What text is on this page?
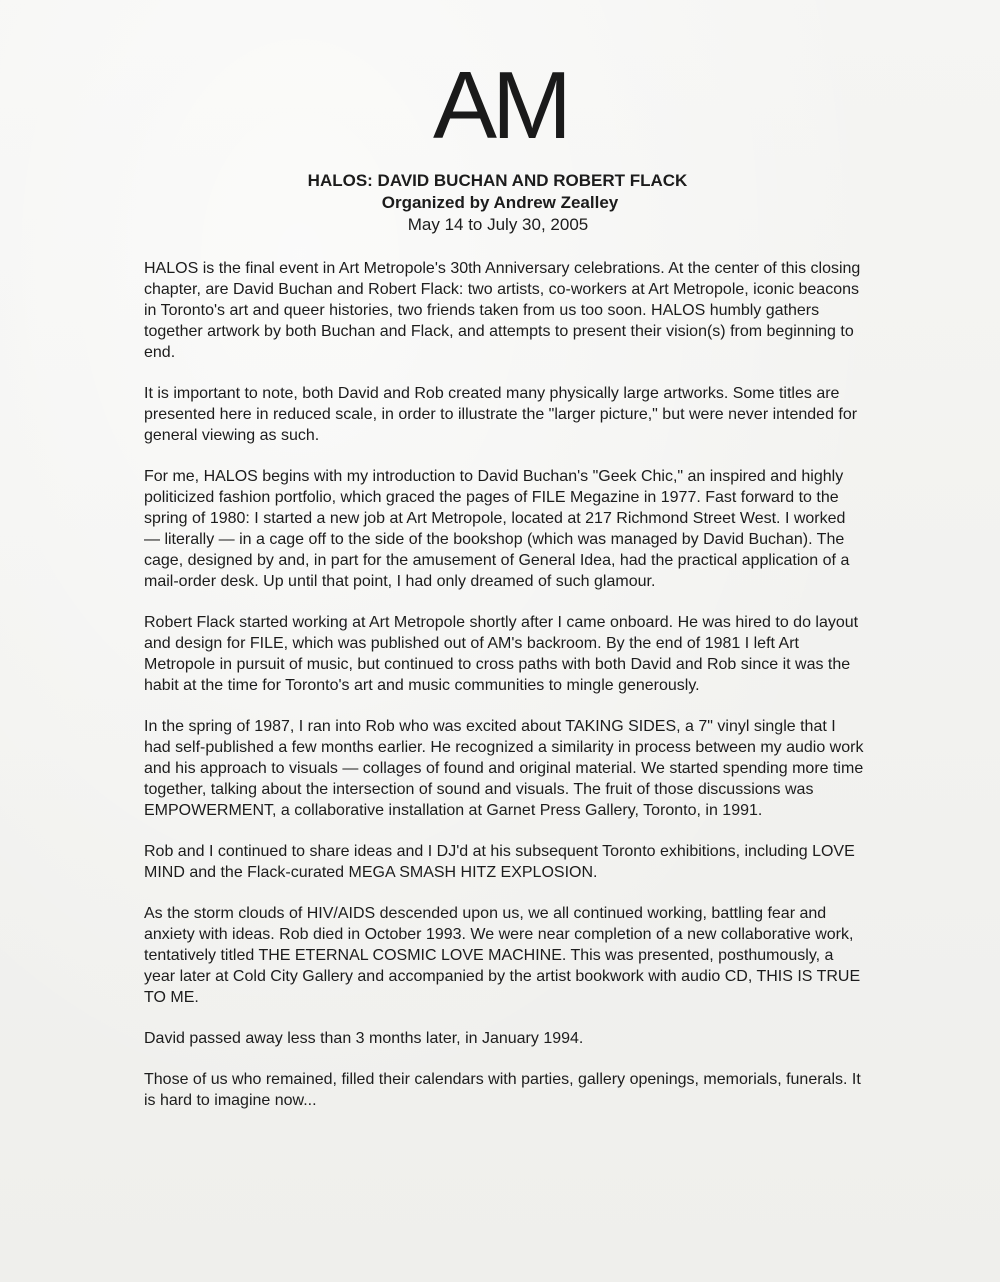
AM
HALOS: DAVID BUCHAN AND ROBERT FLACK
Organized by Andrew Zealley
May 14 to July 30, 2005

HALOS is the final event in Art Metropole's 30th Anniversary celebrations. At the center of this closing chapter, are David Buchan and Robert Flack: two artists, co-workers at Art Metropole, iconic beacons in Toronto's art and queer histories, two friends taken from us too soon. HALOS humbly gathers together artwork by both Buchan and Flack, and attempts to present their vision(s) from beginning to end.

It is important to note, both David and Rob created many physically large artworks. Some titles are presented here in reduced scale, in order to illustrate the "larger picture," but were never intended for general viewing as such.

For me, HALOS begins with my introduction to David Buchan's "Geek Chic," an inspired and highly politicized fashion portfolio, which graced the pages of FILE Megazine in 1977. Fast forward to the spring of 1980: I started a new job at Art Metropole, located at 217 Richmond Street West. I worked — literally — in a cage off to the side of the bookshop (which was managed by David Buchan). The cage, designed by and, in part for the amusement of General Idea, had the practical application of a mail-order desk. Up until that point, I had only dreamed of such glamour.

Robert Flack started working at Art Metropole shortly after I came onboard. He was hired to do layout and design for FILE, which was published out of AM's backroom. By the end of 1981 I left Art Metropole in pursuit of music, but continued to cross paths with both David and Rob since it was the habit at the time for Toronto's art and music communities to mingle generously.

In the spring of 1987, I ran into Rob who was excited about TAKING SIDES, a 7" vinyl single that I had self-published a few months earlier. He recognized a similarity in process between my audio work and his approach to visuals — collages of found and original material. We started spending more time together, talking about the intersection of sound and visuals. The fruit of those discussions was EMPOWERMENT, a collaborative installation at Garnet Press Gallery, Toronto, in 1991.

Rob and I continued to share ideas and I DJ'd at his subsequent Toronto exhibitions, including LOVE MIND and the Flack-curated MEGA SMASH HITZ EXPLOSION.

As the storm clouds of HIV/AIDS descended upon us, we all continued working, battling fear and anxiety with ideas. Rob died in October 1993. We were near completion of a new collaborative work, tentatively titled THE ETERNAL COSMIC LOVE MACHINE. This was presented, posthumously, a year later at Cold City Gallery and accompanied by the artist bookwork with audio CD, THIS IS TRUE TO ME.

David passed away less than 3 months later, in January 1994.

Those of us who remained, filled their calendars with parties, gallery openings, memorials, funerals. It is hard to imagine now...
